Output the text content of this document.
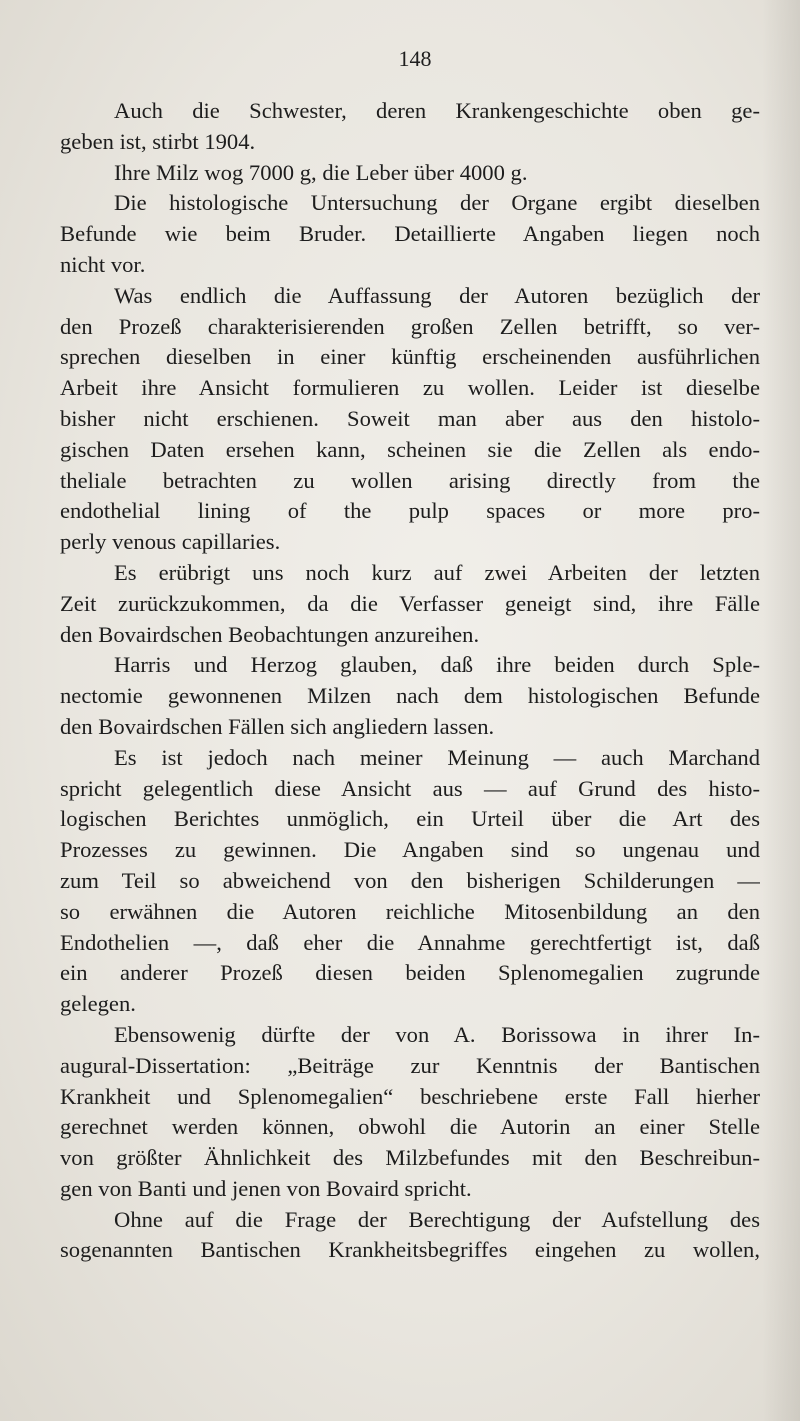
148
Auch die Schwester, deren Krankengeschichte oben ge-
geben ist, stirbt 1904.
Ihre Milz wog 7000 g, die Leber über 4000 g.
Die histologische Untersuchung der Organe ergibt dieselben
Befunde wie beim Bruder. Detaillierte Angaben liegen noch
nicht vor.
Was endlich die Auffassung der Autoren bezüglich der
den Prozeß charakterisierenden großen Zellen betrifft, so ver-
sprechen dieselben in einer künftig erscheinenden ausführlichen
Arbeit ihre Ansicht formulieren zu wollen. Leider ist dieselbe
bisher nicht erschienen. Soweit man aber aus den histolo-
gischen Daten ersehen kann, scheinen sie die Zellen als endo-
theliale betrachten zu wollen arising directly from the
endothelial lining of the pulp spaces or more pro-
perly venous capillaries.
Es erübrigt uns noch kurz auf zwei Arbeiten der letzten
Zeit zurückzukommen, da die Verfasser geneigt sind, ihre Fälle
den Bovairdschen Beobachtungen anzureihen.
Harris und Herzog glauben, daß ihre beiden durch Sple-
nectomie gewonnenen Milzen nach dem histologischen Befunde
den Bovairdschen Fällen sich angliedern lassen.
Es ist jedoch nach meiner Meinung — auch Marchand
spricht gelegentlich diese Ansicht aus — auf Grund des histo-
logischen Berichtes unmöglich, ein Urteil über die Art des
Prozesses zu gewinnen. Die Angaben sind so ungenau und
zum Teil so abweichend von den bisherigen Schilderungen —
so erwähnen die Autoren reichliche Mitosenbildung an den
Endothelien —, daß eher die Annahme gerechtfertigt ist, daß
ein anderer Prozeß diesen beiden Splenomegalien zugrunde
gelegen.
Ebensowenig dürfte der von A. Borissowa in ihrer In-
augural-Dissertation: „Beiträge zur Kenntnis der Bantischen
Krankheit und Splenomegalien“ beschriebene erste Fall hierher
gerechnet werden können, obwohl die Autorin an einer Stelle
von größter Ähnlichkeit des Milzbefundes mit den Beschreibun-
gen von Banti und jenen von Bovaird spricht.
Ohne auf die Frage der Berechtigung der Aufstellung des
sogenannten Bantischen Krankheitsbegriffes eingehen zu wollen,
